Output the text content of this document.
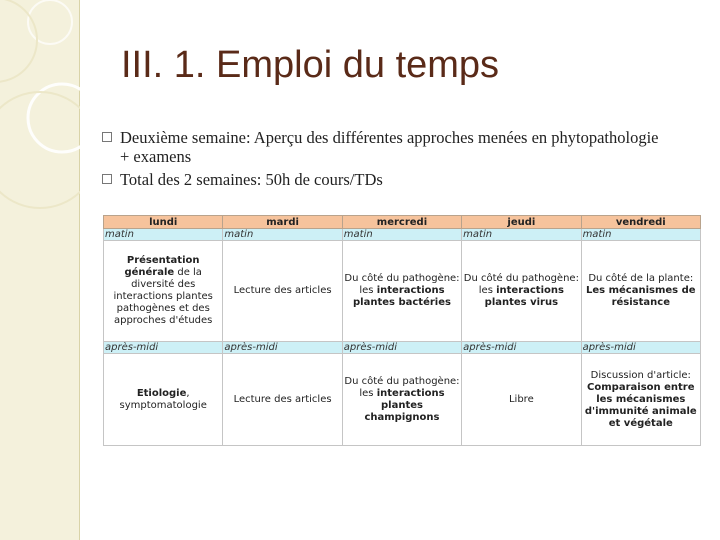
III. 1. Emploi du temps
Deuxième semaine: Aperçu des différentes approches menées en phytopathologie + examens
Total des 2 semaines: 50h de cours/TDs
lundi	mardi	mercredi	jeudi	vendredi
matin	matin	matin	matin	matin

Présentation générale de la diversité des interactions plantes pathogènes et des approches d'études	Lecture des articles	Du côté du pathogène: les interactions plantes bactéries	Du côté du pathogène: les interactions plantes virus	Du côté de la plante: Les mécanismes de résistance

après-midi	après-midi	après-midi	après-midi	après-midi

Etiologie, symptomatologie	Lecture des articles	Du côté du pathogène: les interactions plantes champignons	Libre	Discussion d'article: Comparaison entre les mécanismes d'immunité animale et végétale
